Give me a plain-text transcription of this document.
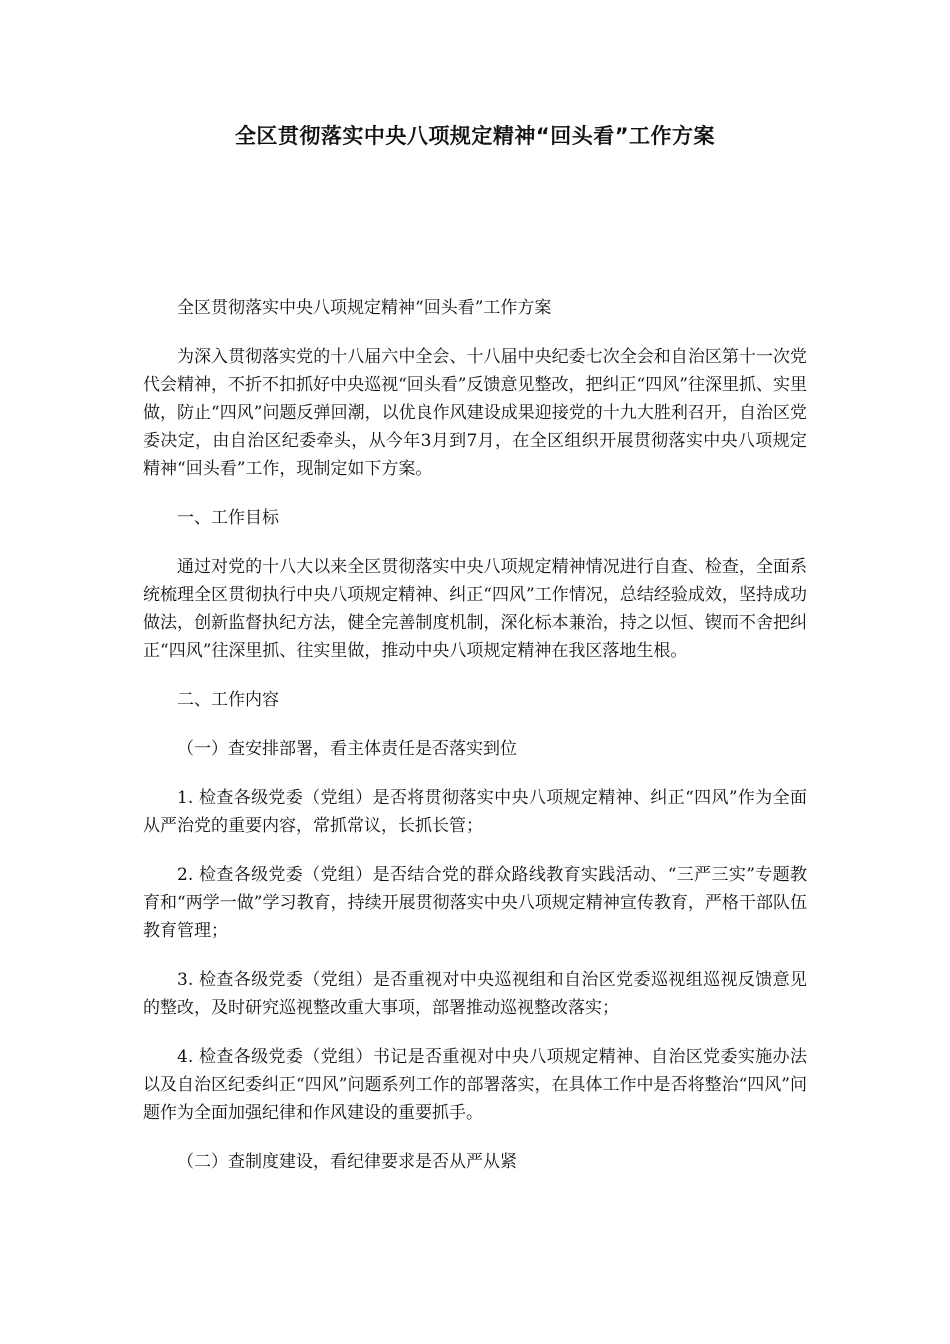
全区贯彻落实中央八项规定精神“回头看”工作方案

全区贯彻落实中央八项规定精神“回头看”工作方案

为深入贯彻落实党的十八届六中全会、十八届中央纪委七次全会和自治区第十一次党代会精神，不折不扣抓好中央巡视“回头看”反馈意见整改，把纠正“四风”往深里抓、实里做，防止“四风”问题反弹回潮，以优良作风建设成果迎接党的十九大胜利召开，自治区党委决定，由自治区纪委牵头，从今年3月到7月，在全区组织开展贯彻落实中央八项规定精神“回头看”工作，现制定如下方案。

一、工作目标

通过对党的十八大以来全区贯彻落实中央八项规定精神情况进行自查、检查，全面系统梳理全区贯彻执行中央八项规定精神、纠正“四风”工作情况，总结经验成效，坚持成功做法，创新监督执纪方法，健全完善制度机制，深化标本兼治，持之以恒、锲而不舍把纠正“四风”往深里抓、往实里做，推动中央八项规定精神在我区落地生根。

二、工作内容

（一）查安排部署，看主体责任是否落实到位

1. 检查各级党委（党组）是否将贯彻落实中央八项规定精神、纠正“四风”作为全面从严治党的重要内容，常抓常议，长抓长管；

2. 检查各级党委（党组）是否结合党的群众路线教育实践活动、“三严三实”专题教育和“两学一做”学习教育，持续开展贯彻落实中央八项规定精神宣传教育，严格干部队伍教育管理；

3. 检查各级党委（党组）是否重视对中央巡视组和自治区党委巡视组巡视反馈意见的整改，及时研究巡视整改重大事项，部署推动巡视整改落实；

4. 检查各级党委（党组）书记是否重视对中央八项规定精神、自治区党委实施办法以及自治区纪委纠正“四风”问题系列工作的部署落实，在具体工作中是否将整治“四风”问题作为全面加强纪律和作风建设的重要抓手。

（二）查制度建设，看纪律要求是否从严从紧
